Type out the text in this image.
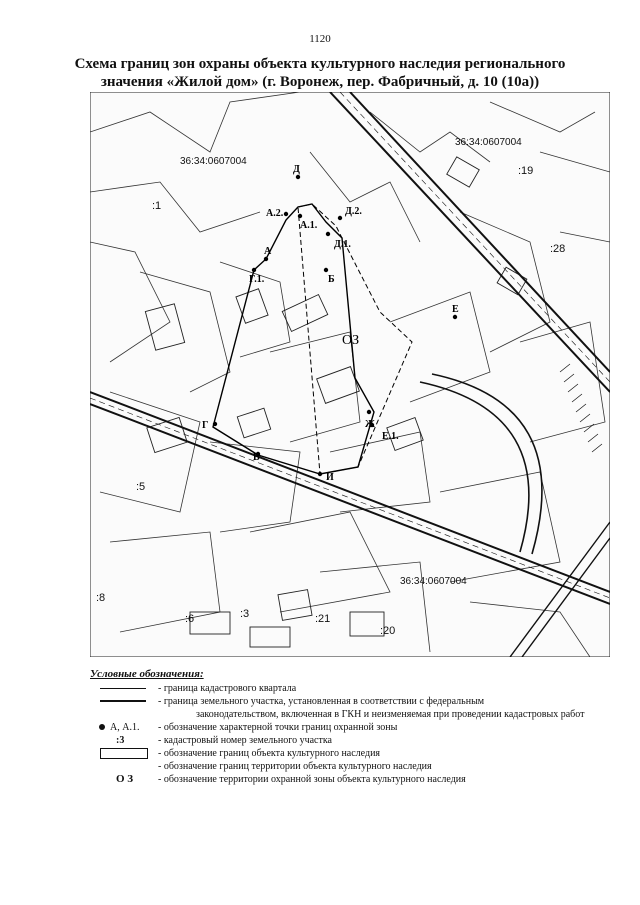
1120
Схема границ зон охраны объекта культурного наследия регионального
значения «Жилой дом» (г. Воронеж, пер. Фабричный, д. 10 (10а))
Д
Д.2.
Д.1.
А.2.
А.1.
А
Г.1.	Б
Е
Ж
Е.1.
Г
В
И
ОЗ
36:34:0607004
36:34:0607004
36:34:0607004
:1
:5
:8
:19
:28
:20
:21
:3
:6
Условные обозначения:
- граница кадастрового квартала
- граница земельного участка, установленная в соответствии с федеральным
законодательством, включенная в ГКН и неизменяемая при проведении кадастровых работ
А, А.1. - обозначение характерной точки границ охранной зоны
:3	- кадастровый номер земельного участка
- обозначение границ объекта культурного наследия
- обозначение границ территории объекта культурного наследия
О З - обозначение территории охранной зоны объекта культурного наследия
